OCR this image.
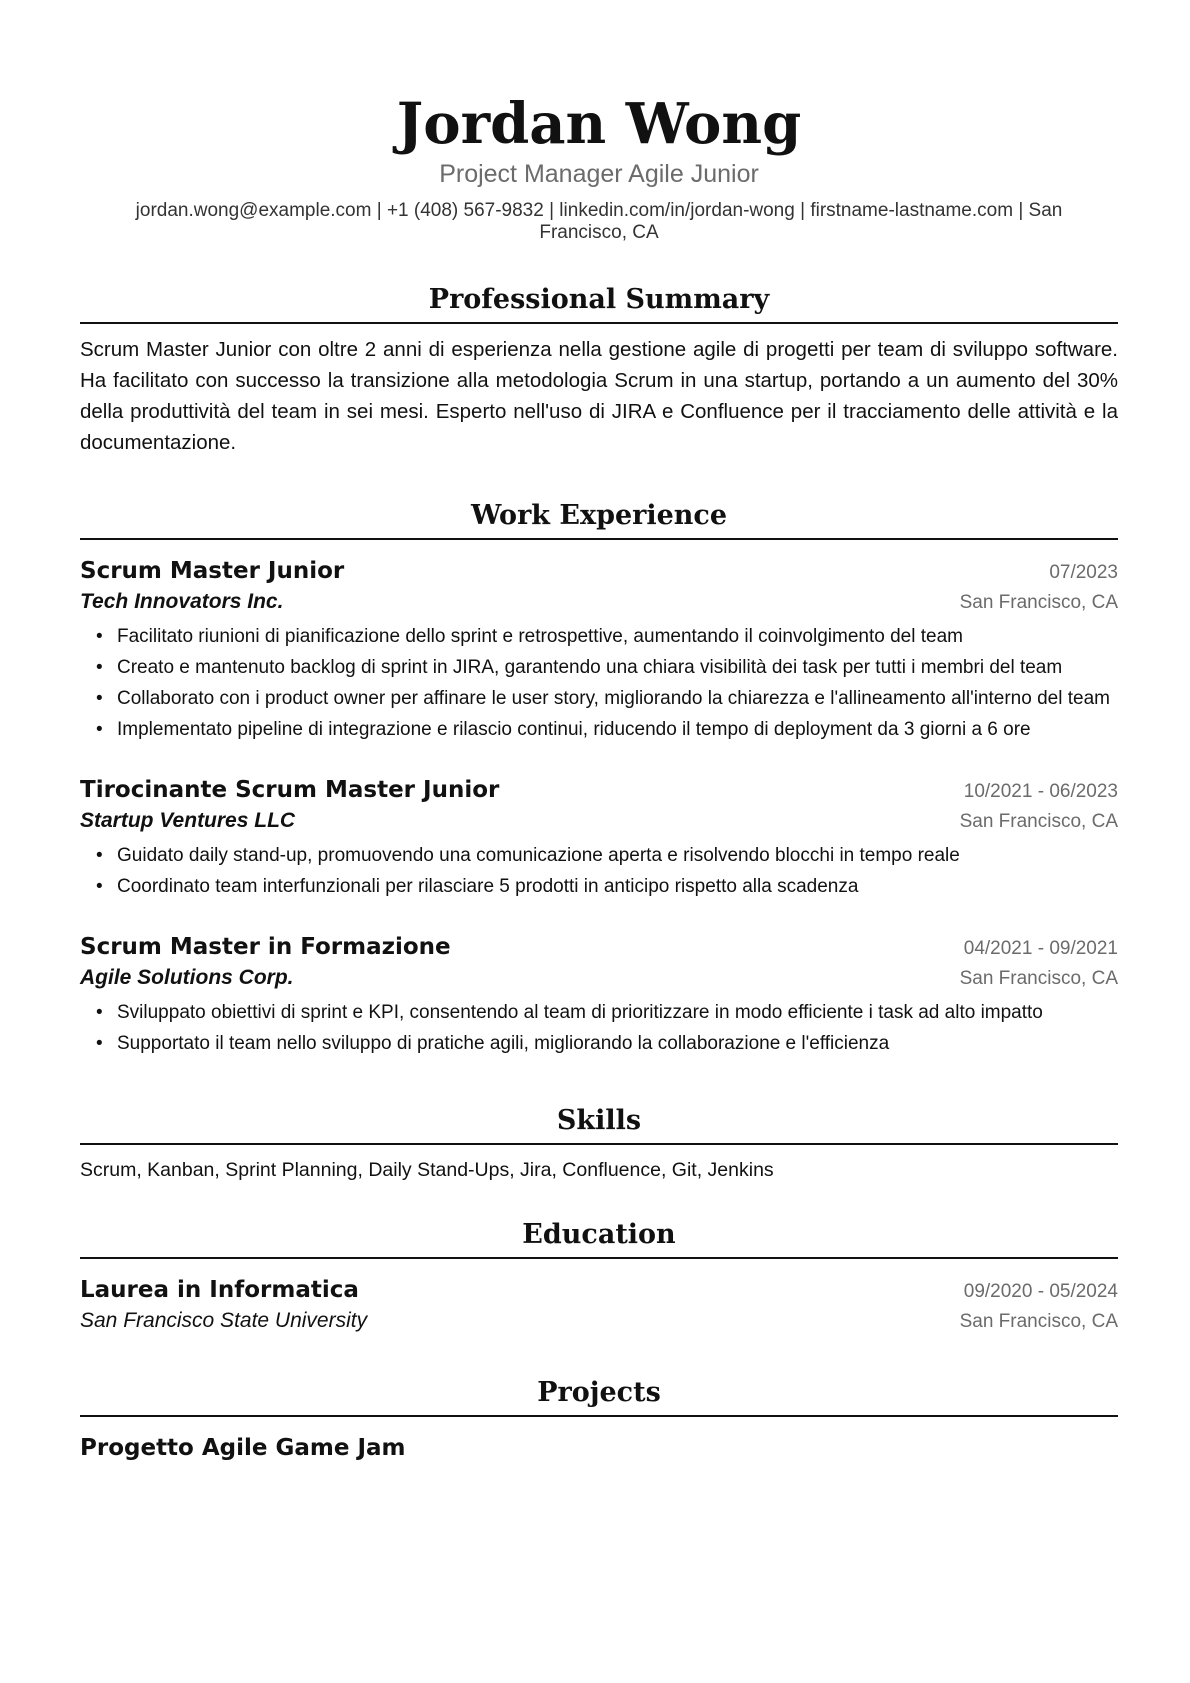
Jordan Wong
Project Manager Agile Junior
jordan.wong@example.com | +1 (408) 567-9832 | linkedin.com/in/jordan-wong | firstname-lastname.com | San Francisco, CA
Professional Summary

Scrum Master Junior con oltre 2 anni di esperienza nella gestione agile di progetti per team di sviluppo software. Ha facilitato con successo la transizione alla metodologia Scrum in una startup, portando a un aumento del 30% della produttività del team in sei mesi. Esperto nell'uso di JIRA e Confluence per il tracciamento delle attività e la documentazione.

Work Experience
Scrum Master Junior	07/2023
Tech Innovators Inc.	San Francisco, CA
• Facilitato riunioni di pianificazione dello sprint e retrospettive, aumentando il coinvolgimento del team
• Creato e mantenuto backlog di sprint in JIRA, garantendo una chiara visibilità dei task per tutti i membri del team
• Collaborato con i product owner per affinare le user story, migliorando la chiarezza e l'allineamento all'interno del team
• Implementato pipeline di integrazione e rilascio continui, riducendo il tempo di deployment da 3 giorni a 6 ore
Tirocinante Scrum Master Junior	10/2021 - 06/2023
Startup Ventures LLC	San Francisco, CA
• Guidato daily stand-up, promuovendo una comunicazione aperta e risolvendo blocchi in tempo reale
• Coordinato team interfunzionali per rilasciare 5 prodotti in anticipo rispetto alla scadenza
Scrum Master in Formazione	04/2021 - 09/2021
Agile Solutions Corp.	San Francisco, CA
• Sviluppato obiettivi di sprint e KPI, consentendo al team di prioritizzare in modo efficiente i task ad alto impatto
• Supportato il team nello sviluppo di pratiche agili, migliorando la collaborazione e l'efficienza
Skills

Scrum, Kanban, Sprint Planning, Daily Stand-Ups, Jira, Confluence, Git, Jenkins

Education
Laurea in Informatica	09/2020 - 05/2024
San Francisco State University	San Francisco, CA
Projects
Progetto Agile Game Jam
